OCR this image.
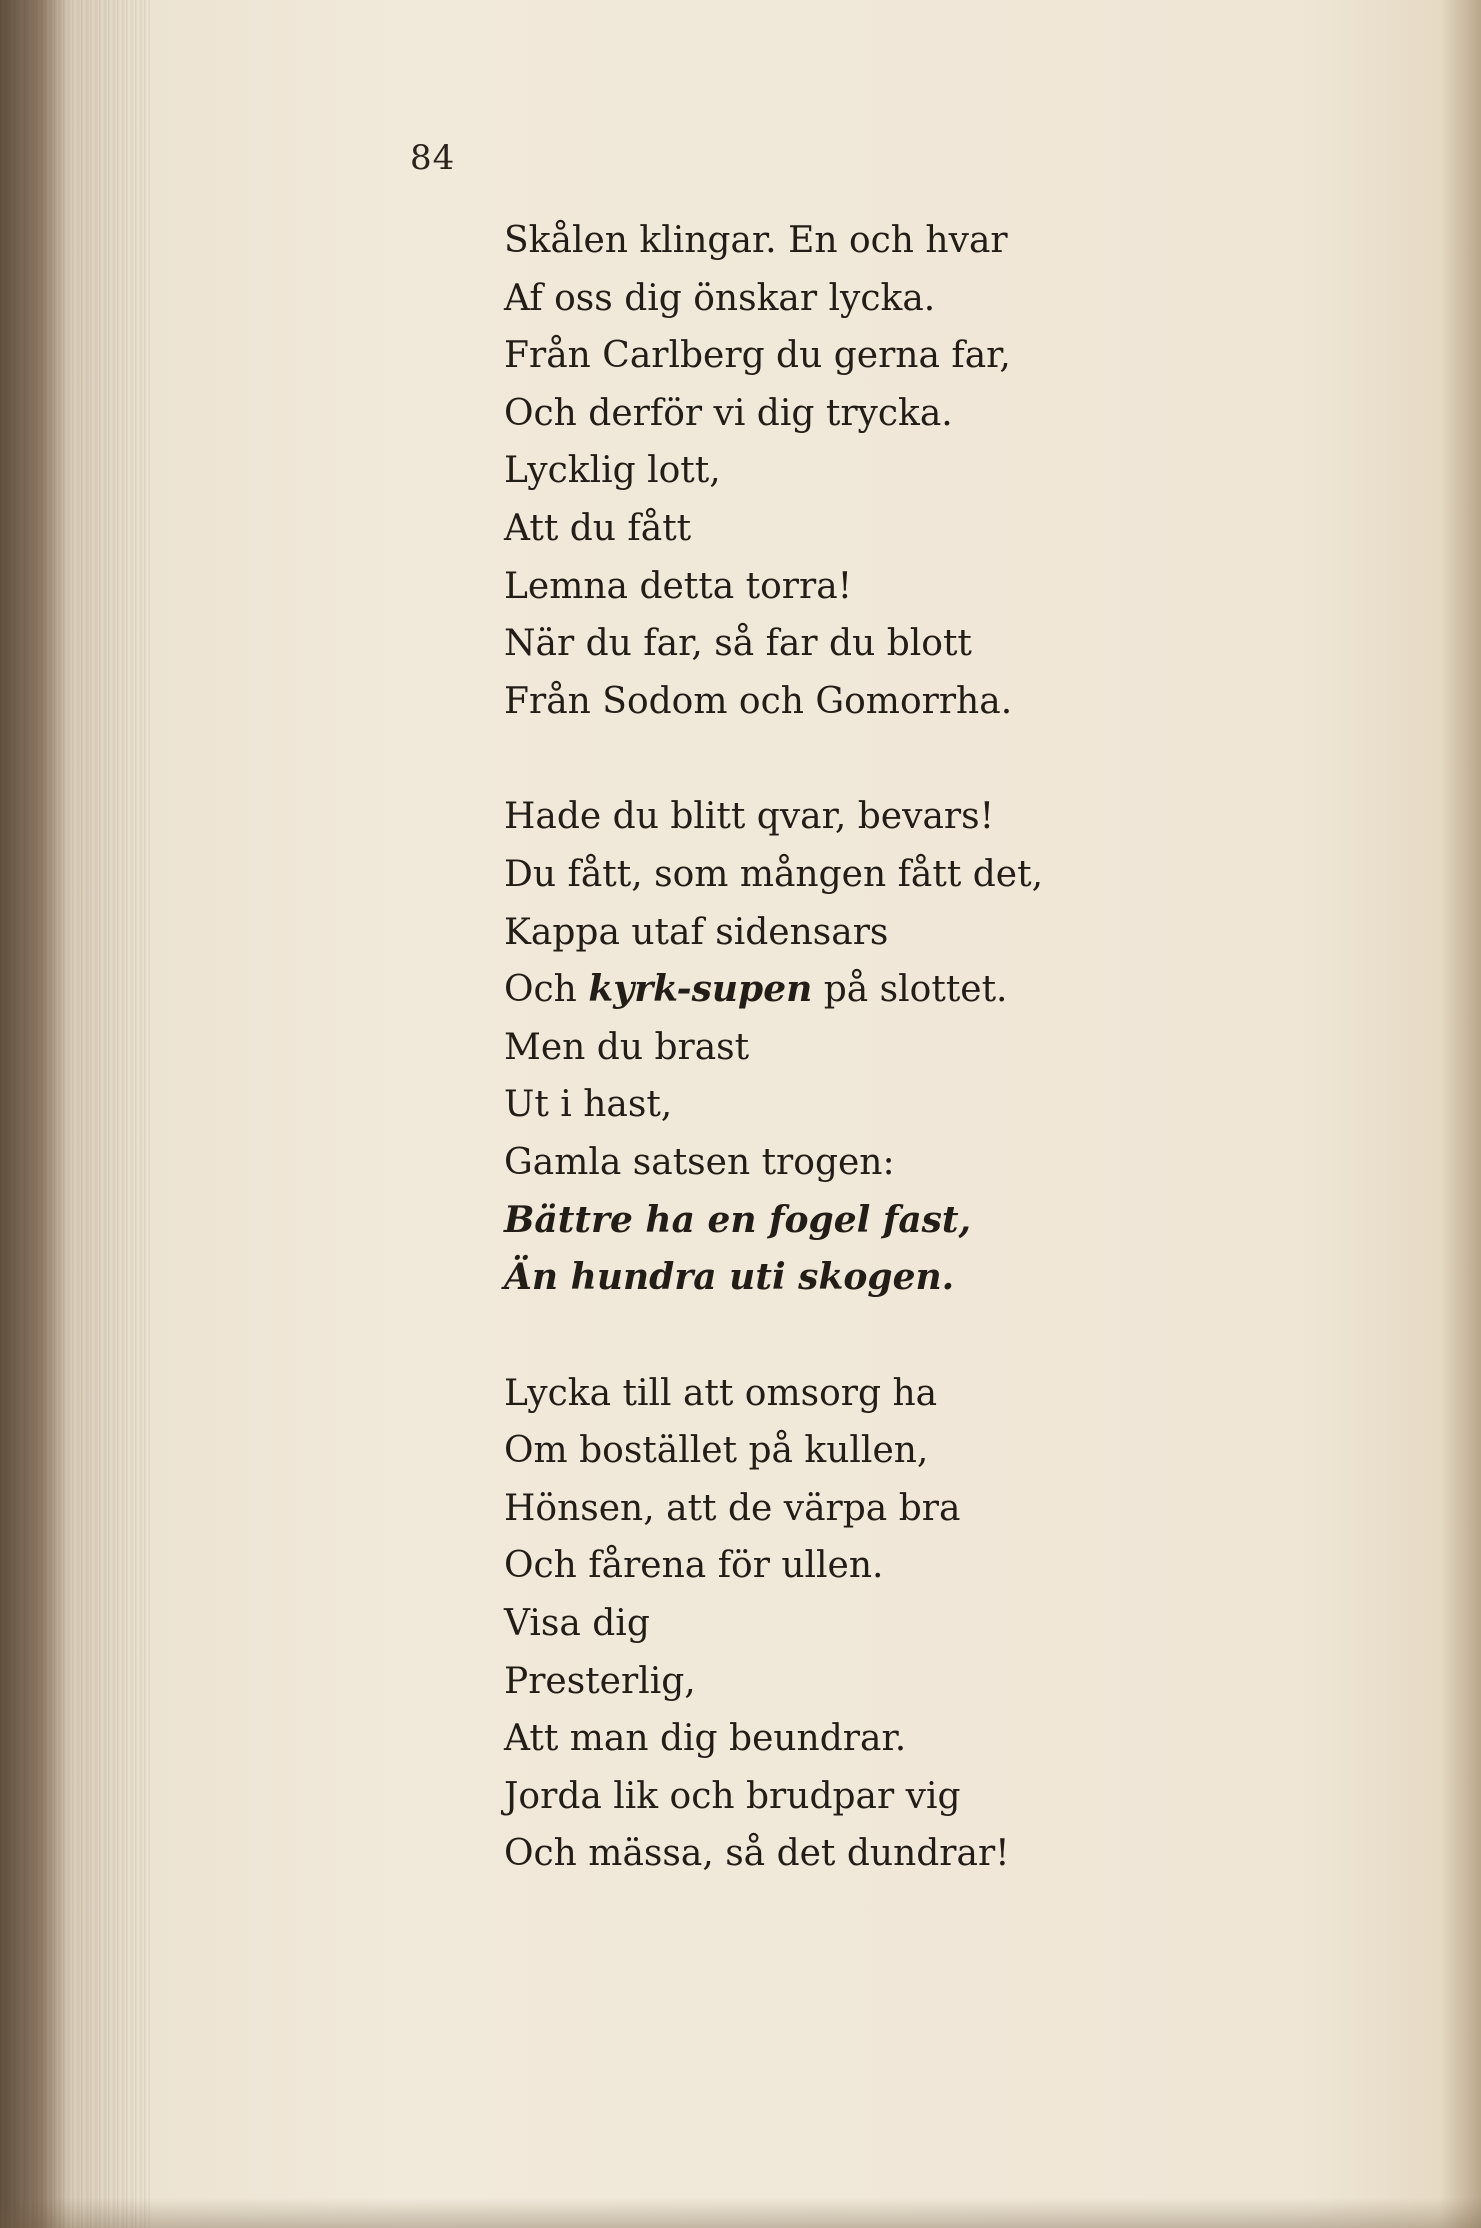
84
Skålen klingar. En och hvar
Af oss dig önskar lycka.
Från Carlberg du gerna far,
Och derför vi dig trycka.
Lycklig lott,
Att du fått
Lemna detta torra!
När du far, så far du blott
Från Sodom och Gomorrha.
Hade du blitt qvar, bevars!
Du fått, som mången fått det,
Kappa utaf sidensars
Och kyrk-supen på slottet.
Men du brast
Ut i hast,
Gamla satsen trogen:
Bättre ha en fogel fast,
Än hundra uti skogen.
Lycka till att omsorg ha
Om bostället på kullen,
Hönsen, att de värpa bra
Och fårena för ullen.
Visa dig
Presterlig,
Att man dig beundrar.
Jorda lik och brudpar vig
Och mässa, så det dundrar!
